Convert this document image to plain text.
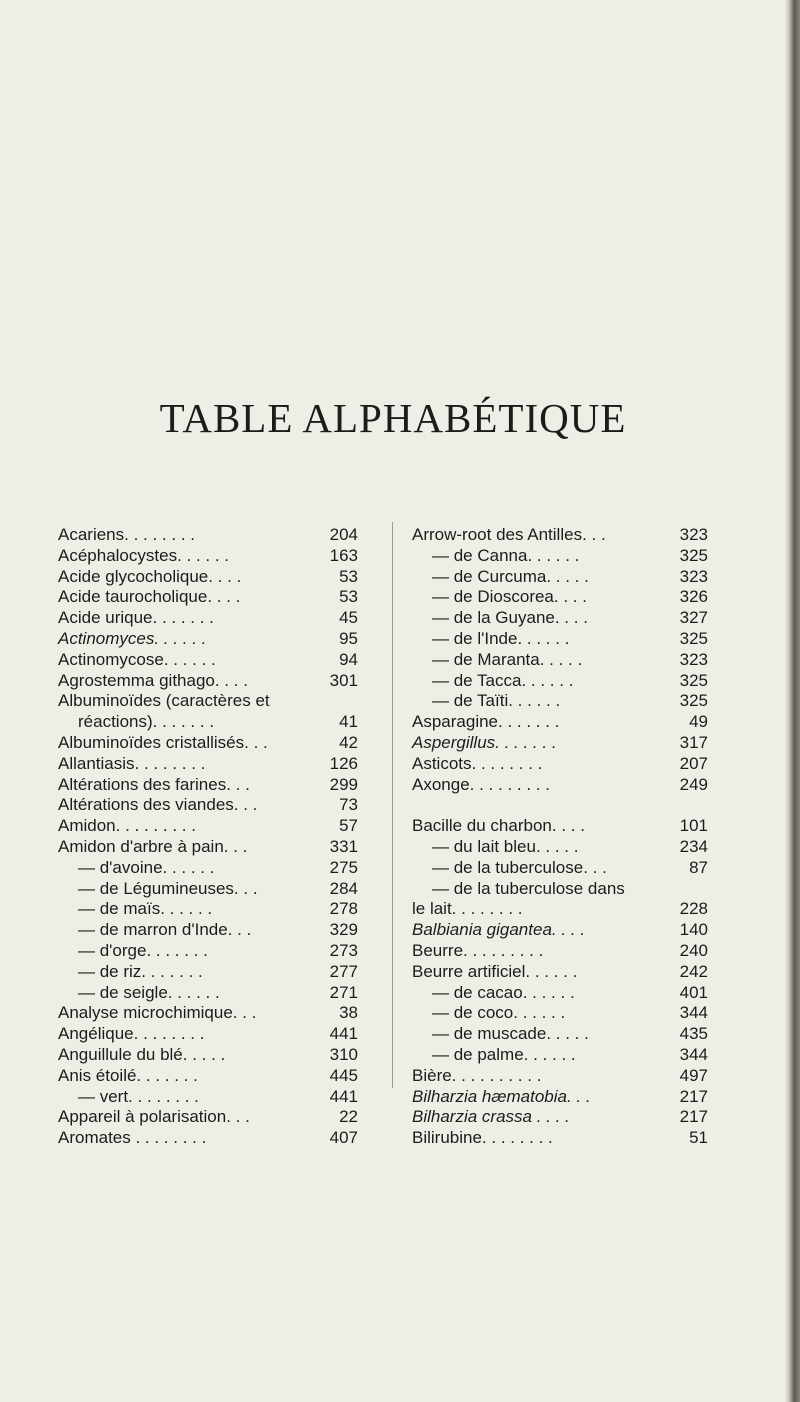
TABLE ALPHABÉTIQUE
Acariens. . . . . . . .	204
Acéphalocystes. . . . . .	163
Acide glycocholique. . . .	53
Acide taurocholique. . . .	53
Acide urique. . . . . . .	45
Actinomyces. . . . . .	95
Actinomycose. . . . . .	94
Agrostemma githago. . . .	301
Albuminoïdes (caractères et
réactions). . . . . . .	41
Albuminoïdes cristallisés. . .	42
Allantiasis. . . . . . . .	126
Altérations des farines. . .	299
Altérations des viandes. . .	73
Amidon. . . . . . . . .	57
Amidon d'arbre à pain. . .	331
— d'avoine. . . . . .	275
— de Légumineuses. . .	284
— de maïs. . . . . .	278
— de marron d'Inde. . .	329
— d'orge. . . . . . .	273
— de riz. . . . . . .	277
— de seigle. . . . . .	271
Analyse microchimique. . .	38
Angélique. . . . . . . .	441
Anguillule du blé. . . . .	310
Anis étoilé. . . . . . .	445
— vert. . . . . . . .	441
Appareil à polarisation. . .	22
Aromates . . . . . . . .	407
Arrow-root des Antilles. . .	323
— de Canna. . . . . .	325
— de Curcuma. . . . .	323
— de Dioscorea. . . .	326
— de la Guyane. . . .	327
— de l'Inde. . . . . .	325
— de Maranta. . . . .	323
— de Tacca. . . . . .	325
— de Taïti. . . . . .	325
Asparagine. . . . . . .	49
Aspergillus. . . . . . .	317
Asticots. . . . . . . .	207
Axonge. . . . . . . . .	249
Bacille du charbon. . . .	101
— du lait bleu. . . . .	234
— de la tuberculose. . .	87
— de la tuberculose dans
le lait. . . . . . . .	228
Balbiania gigantea. . . .	140
Beurre. . . . . . . . .	240
Beurre artificiel. . . . . .	242
— de cacao. . . . . .	401
— de coco. . . . . .	344
— de muscade. . . . .	435
— de palme. . . . . .	344
Bière. . . . . . . . . .	497
Bilharzia hæmatobia. . .	217
Bilharzia crassa . . . .	217
Bilirubine. . . . . . . .	51
